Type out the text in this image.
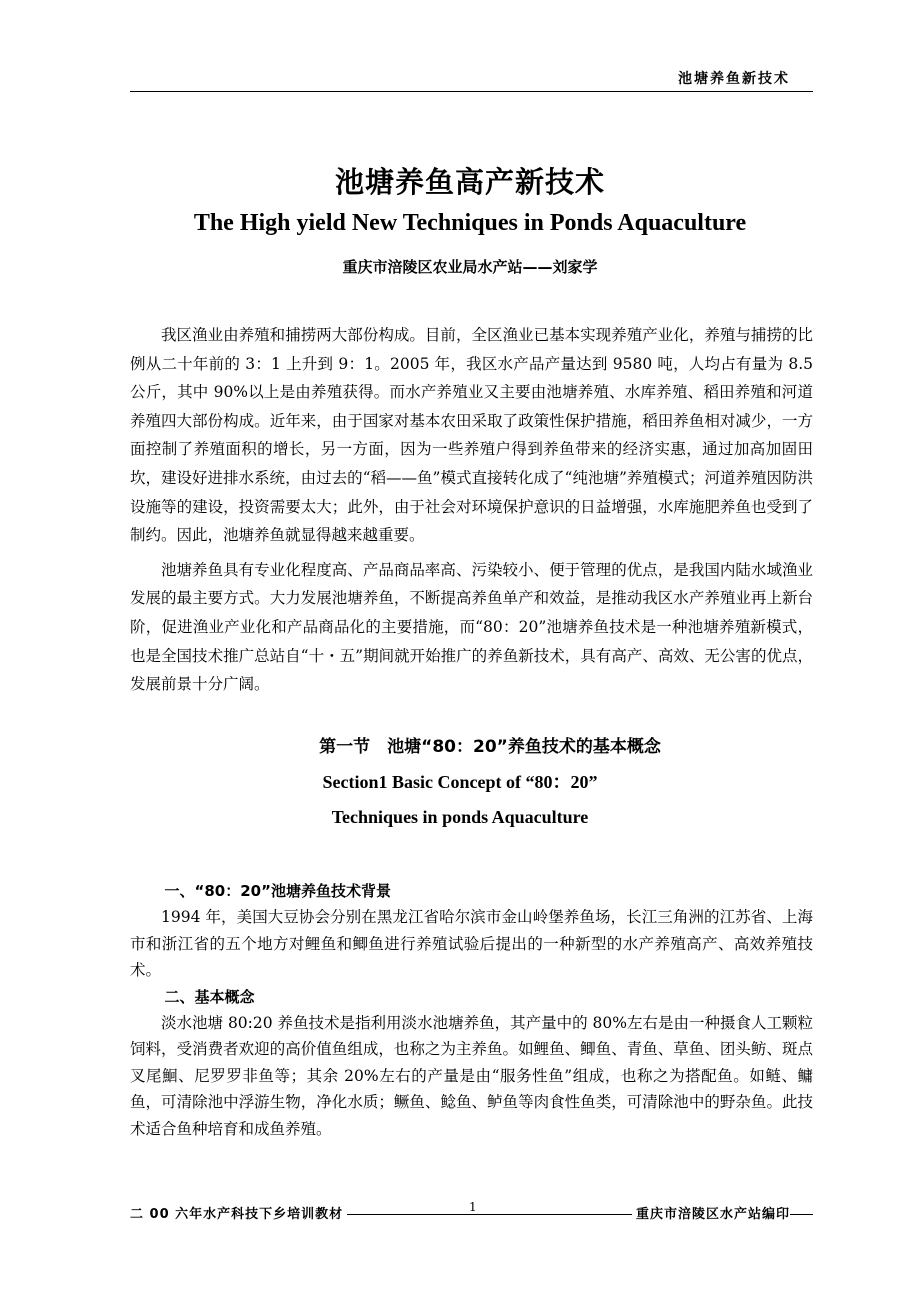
池塘养鱼新技术
池塘养鱼高产新技术
The High yield New Techniques in Ponds Aquaculture
重庆市涪陵区农业局水产站——刘家学

我区渔业由养殖和捕捞两大部份构成。目前，全区渔业已基本实现养殖产业化，养殖与捕捞的比例从二十年前的 3：1 上升到 9：1。2005 年，我区水产品产量达到 9580 吨，人均占有量为 8.5 公斤，其中 90%以上是由养殖获得。而水产养殖业又主要由池塘养殖、水库养殖、稻田养殖和河道养殖四大部份构成。近年来，由于国家对基本农田采取了政策性保护措施，稻田养鱼相对减少，一方面控制了养殖面积的增长，另一方面，因为一些养殖户得到养鱼带来的经济实惠，通过加高加固田坎，建设好进排水系统，由过去的“稻——鱼”模式直接转化成了“纯池塘”养殖模式；河道养殖因防洪设施等的建设，投资需要太大；此外，由于社会对环境保护意识的日益增强，水库施肥养鱼也受到了制约。因此，池塘养鱼就显得越来越重要。

池塘养鱼具有专业化程度高、产品商品率高、污染较小、便于管理的优点，是我国内陆水域渔业发展的最主要方式。大力发展池塘养鱼，不断提高养鱼单产和效益，是推动我区水产养殖业再上新台阶，促进渔业产业化和产品商品化的主要措施，而“80：20”池塘养鱼技术是一种池塘养殖新模式，也是全国技术推广总站自“十・五”期间就开始推广的养鱼新技术，具有高产、高效、无公害的优点，发展前景十分广阔。

第一节　池塘“80：20”养鱼技术的基本概念
Section1 Basic Concept of “80：20”
Techniques in ponds Aquaculture

一、“80：20”池塘养鱼技术背景

1994 年，美国大豆协会分别在黑龙江省哈尔滨市金山岭堡养鱼场，长江三角洲的江苏省、上海市和浙江省的五个地方对鲤鱼和鲫鱼进行养殖试验后提出的一种新型的水产养殖高产、高效养殖技术。

二、基本概念

淡水池塘 80:20 养鱼技术是指利用淡水池塘养鱼，其产量中的 80%左右是由一种摄食人工颗粒饲料，受消费者欢迎的高价值鱼组成，也称之为主养鱼。如鲤鱼、鲫鱼、青鱼、草鱼、团头鲂、斑点叉尾鮰、尼罗罗非鱼等；其余 20%左右的产量是由“服务性鱼”组成，也称之为搭配鱼。如鲢、鳙鱼，可清除池中浮游生物，净化水质；鳜鱼、鲶鱼、鲈鱼等肉食性鱼类，可清除池中的野杂鱼。此技术适合鱼种培育和成鱼养殖。

二 00 六年水产科技下乡培训教材	1	重庆市涪陵区水产站编印
